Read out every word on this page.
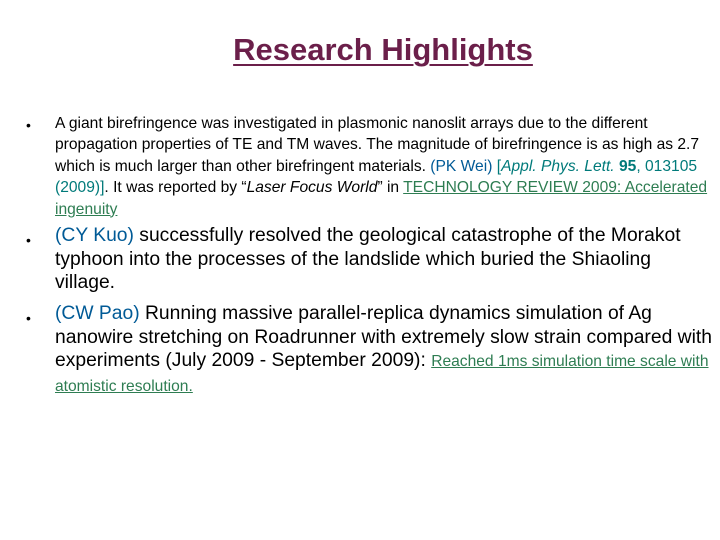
Research Highlights
• A giant birefringence was investigated in plasmonic nanoslit arrays due to the different propagation properties of TE and TM waves. The magnitude of birefringence is as high as 2.7 which is much larger than other birefringent materials. (PK Wei) [Appl. Phys. Lett. 95, 013105 (2009)]. It was reported by “Laser Focus World” in TECHNOLOGY REVIEW 2009: Accelerated ingenuity
• (CY Kuo) successfully resolved the geological catastrophe of the Morakot typhoon into the processes of the landslide which buried the Shiaoling village.
• (CW Pao) Running massive parallel-replica dynamics simulation of Ag nanowire stretching on Roadrunner with extremely slow strain compared with experiments (July 2009 - September 2009): Reached 1ms simulation time scale with atomistic resolution.
